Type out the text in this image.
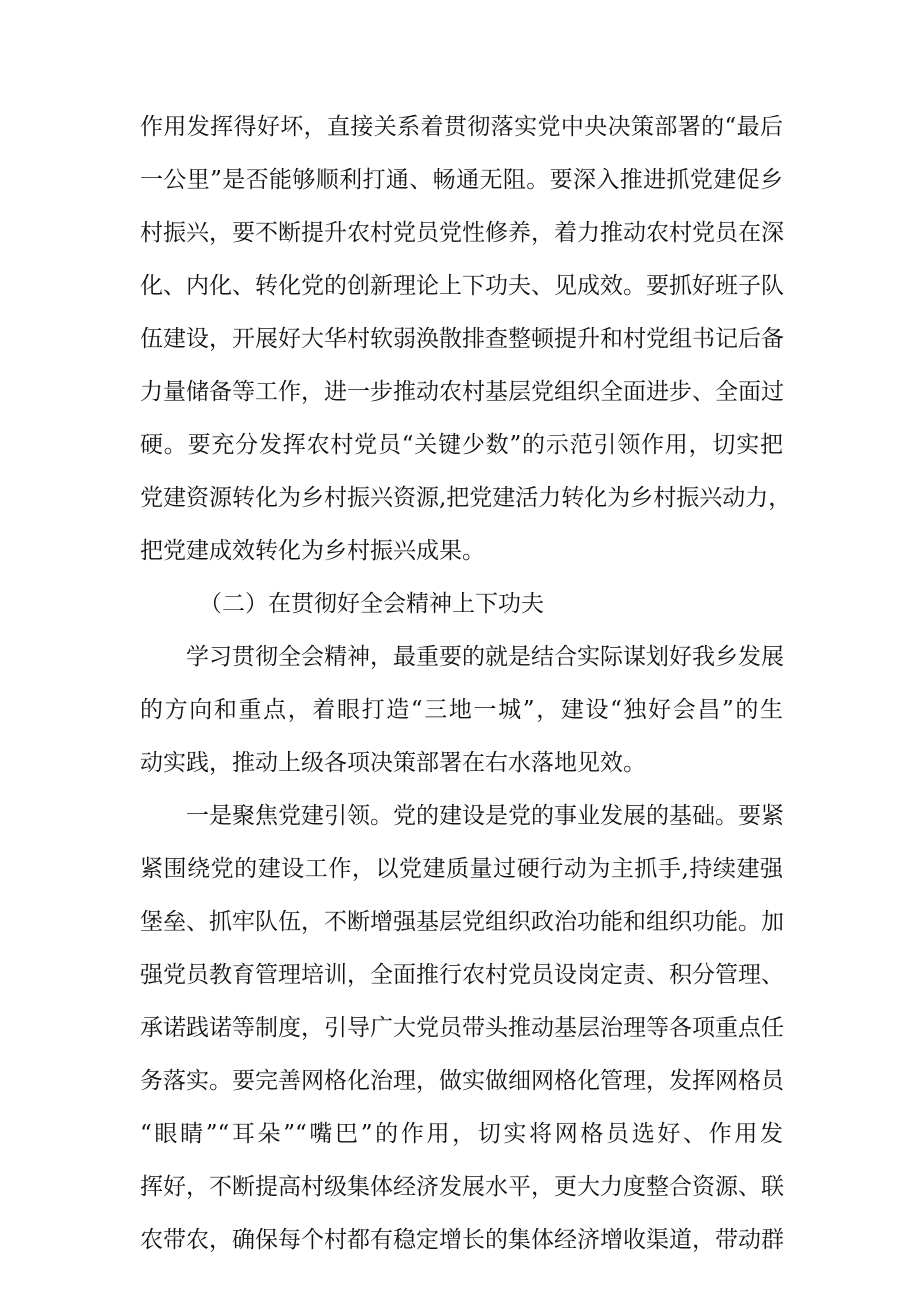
作用发挥得好坏，直接关系着贯彻落实党中央决策部署的“最后
一公里”是否能够顺利打通、畅通无阻。要深入推进抓党建促乡
村振兴，要不断提升农村党员党性修养，着力推动农村党员在深
化、内化、转化党的创新理论上下功夫、见成效。要抓好班子队
伍建设，开展好大华村软弱涣散排查整顿提升和村党组书记后备
力量储备等工作，进一步推动农村基层党组织全面进步、全面过
硬。要充分发挥农村党员“关键少数”的示范引领作用，切实把
党建资源转化为乡村振兴资源,把党建活力转化为乡村振兴动力，
把党建成效转化为乡村振兴成果。
（二）在贯彻好全会精神上下功夫
学习贯彻全会精神，最重要的就是结合实际谋划好我乡发展
的方向和重点，着眼打造“三地一城”，建设“独好会昌”的生
动实践，推动上级各项决策部署在右水落地见效。
一是聚焦党建引领。党的建设是党的事业发展的基础。要紧
紧围绕党的建设工作，以党建质量过硬行动为主抓手,持续建强
堡垒、抓牢队伍，不断增强基层党组织政治功能和组织功能。加
强党员教育管理培训，全面推行农村党员设岗定责、积分管理、
承诺践诺等制度，引导广大党员带头推动基层治理等各项重点任
务落实。要完善网格化治理，做实做细网格化管理，发挥网格员
“眼睛”“耳朵”“嘴巴”的作用，切实将网格员选好、作用发
挥好，不断提高村级集体经济发展水平，更大力度整合资源、联
农带农，确保每个村都有稳定增长的集体经济增收渠道，带动群
